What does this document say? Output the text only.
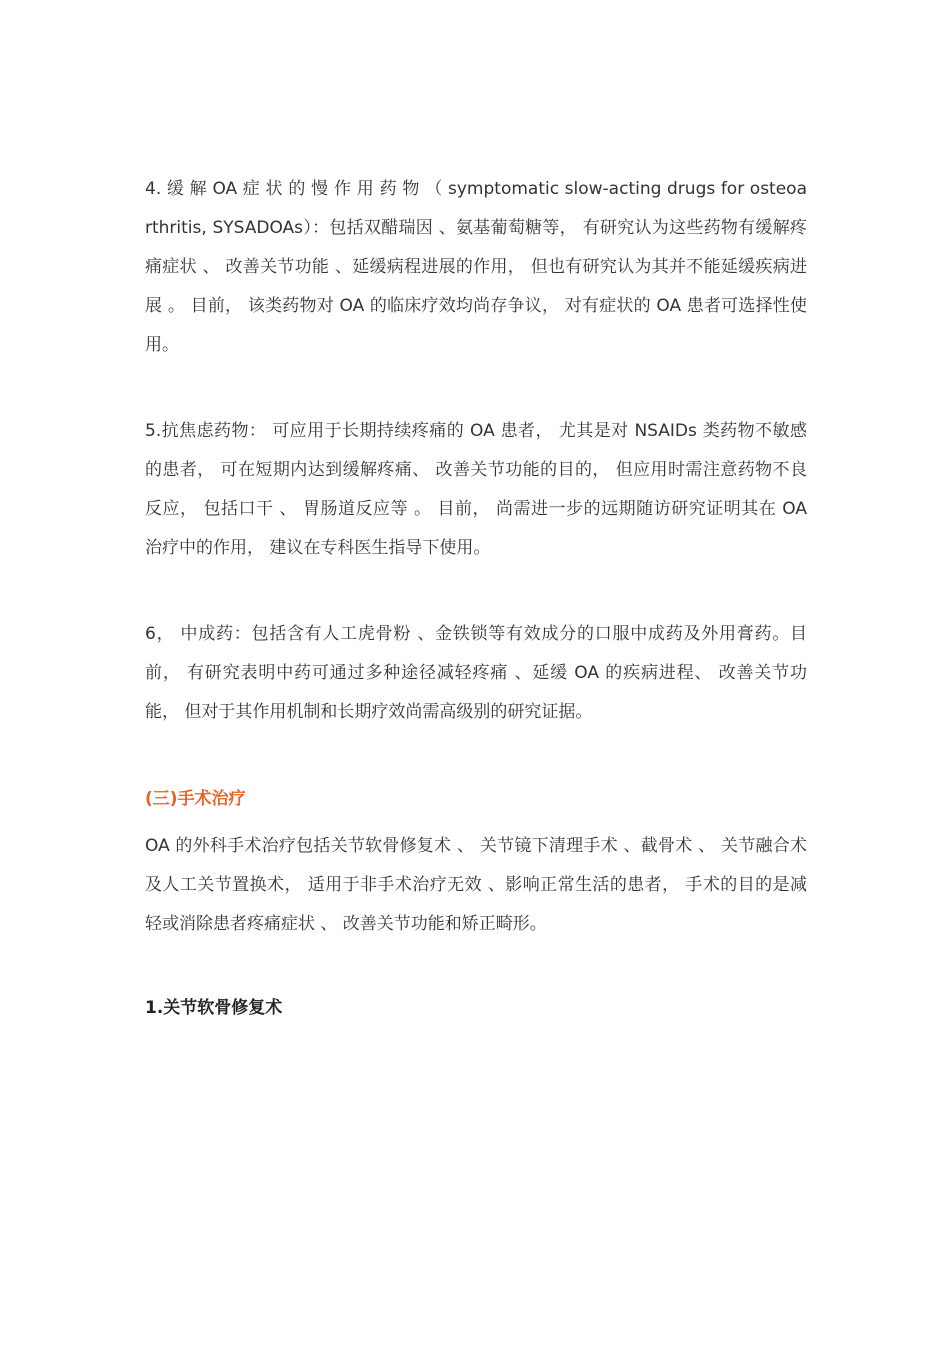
4. 缓 解 OA 症 状 的 慢 作 用 药 物 （ symptomatic slow-acting drugs for osteoarthritis, SYSADOAs）：包括双醋瑞因 、氨基葡萄糖等， 有研究认为这些药物有缓解疼痛症状 、 改善关节功能 、延缓病程进展的作用， 但也有研究认为其并不能延缓疾病进展 。 目前， 该类药物对 OA 的临床疗效均尚存争议， 对有症状的 OA 患者可选择性使用。

5.抗焦虑药物： 可应用于长期持续疼痛的 OA 患者， 尤其是对 NSAIDs 类药物不敏感的患者， 可在短期内达到缓解疼痛、 改善关节功能的目的， 但应用时需注意药物不良反应， 包括口干 、 胃肠道反应等 。 目前， 尚需进一步的远期随访研究证明其在 OA 治疗中的作用， 建议在专科医生指导下使用。

6， 中成药：包括含有人工虎骨粉 、金铁锁等有效成分的口服中成药及外用膏药。目前， 有研究表明中药可通过多种途径减轻疼痛 、延缓 OA 的疾病进程、 改善关节功能， 但对于其作用机制和长期疗效尚需高级别的研究证据。

(三)手术治疗

OA 的外科手术治疗包括关节软骨修复术 、 关节镜下清理手术 、截骨术 、 关节融合术及人工关节置换术， 适用于非手术治疗无效 、影响正常生活的患者， 手术的目的是减轻或消除患者疼痛症状 、 改善关节功能和矫正畸形。

1.关节软骨修复术
